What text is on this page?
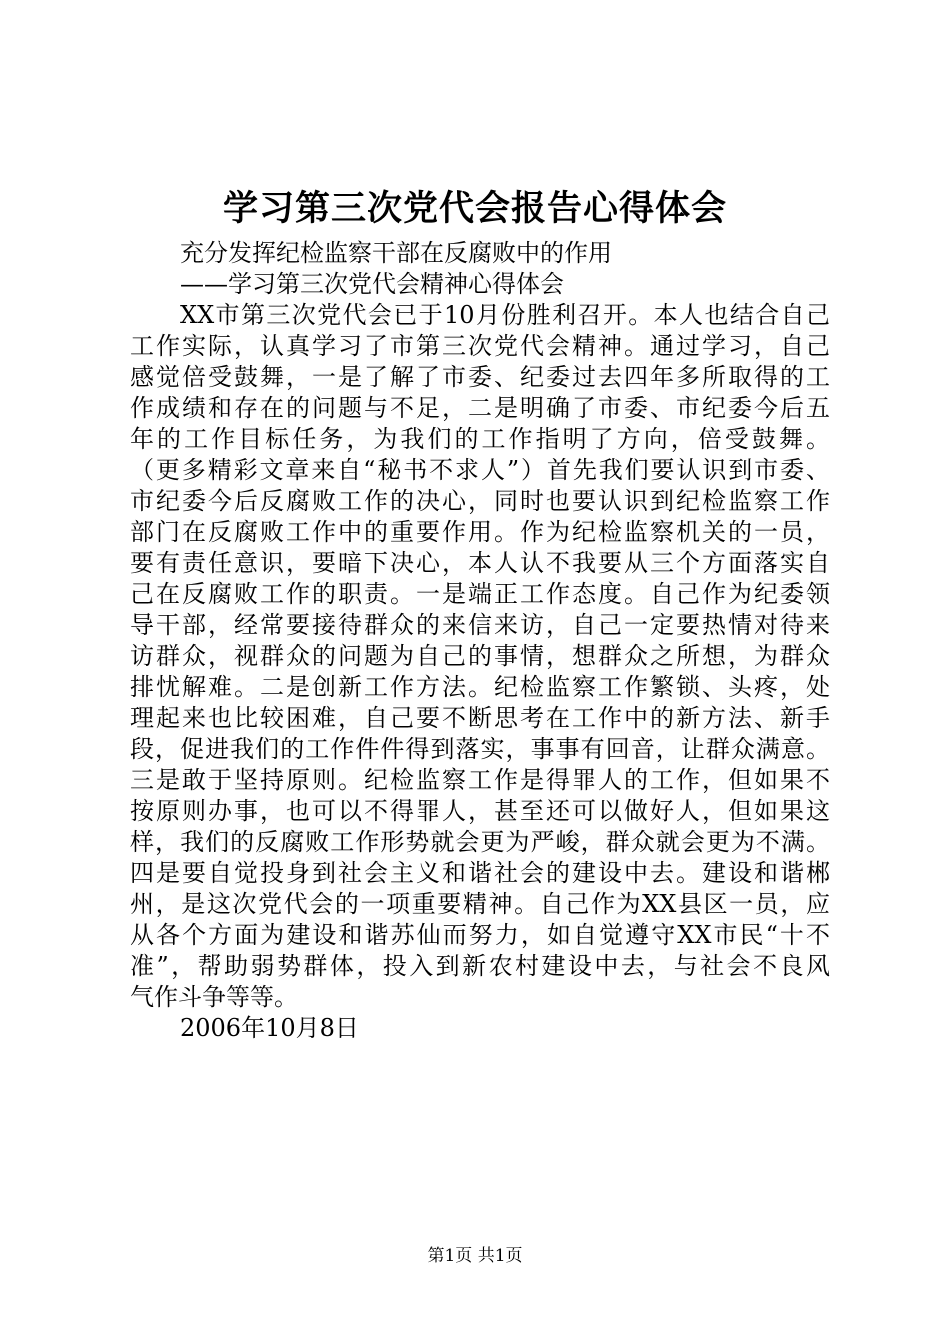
学习第三次党代会报告心得体会
充分发挥纪检监察干部在反腐败中的作用
——学习第三次党代会精神心得体会
XX市第三次党代会已于10月份胜利召开。本人也结合自己
工作实际，认真学习了市第三次党代会精神。通过学习，自己
感觉倍受鼓舞，一是了解了市委、纪委过去四年多所取得的工
作成绩和存在的问题与不足，二是明确了市委、市纪委今后五
年的工作目标任务，为我们的工作指明了方向，倍受鼓舞。
（更多精彩文章来自“秘书不求人”）首先我们要认识到市委、
市纪委今后反腐败工作的决心，同时也要认识到纪检监察工作
部门在反腐败工作中的重要作用。作为纪检监察机关的一员，
要有责任意识，要暗下决心，本人认不我要从三个方面落实自
己在反腐败工作的职责。一是端正工作态度。自己作为纪委领
导干部，经常要接待群众的来信来访，自己一定要热情对待来
访群众，视群众的问题为自己的事情，想群众之所想，为群众
排忧解难。二是创新工作方法。纪检监察工作繁锁、头疼，处
理起来也比较困难，自己要不断思考在工作中的新方法、新手
段，促进我们的工作件件得到落实，事事有回音，让群众满意。
三是敢于坚持原则。纪检监察工作是得罪人的工作，但如果不
按原则办事，也可以不得罪人，甚至还可以做好人，但如果这
样，我们的反腐败工作形势就会更为严峻，群众就会更为不满。
四是要自觉投身到社会主义和谐社会的建设中去。建设和谐郴
州，是这次党代会的一项重要精神。自己作为XX县区一员，应
从各个方面为建设和谐苏仙而努力，如自觉遵守XX市民“十不
准”，帮助弱势群体，投入到新农村建设中去，与社会不良风
气作斗争等等。
2006年10月8日
第1页 共1页
